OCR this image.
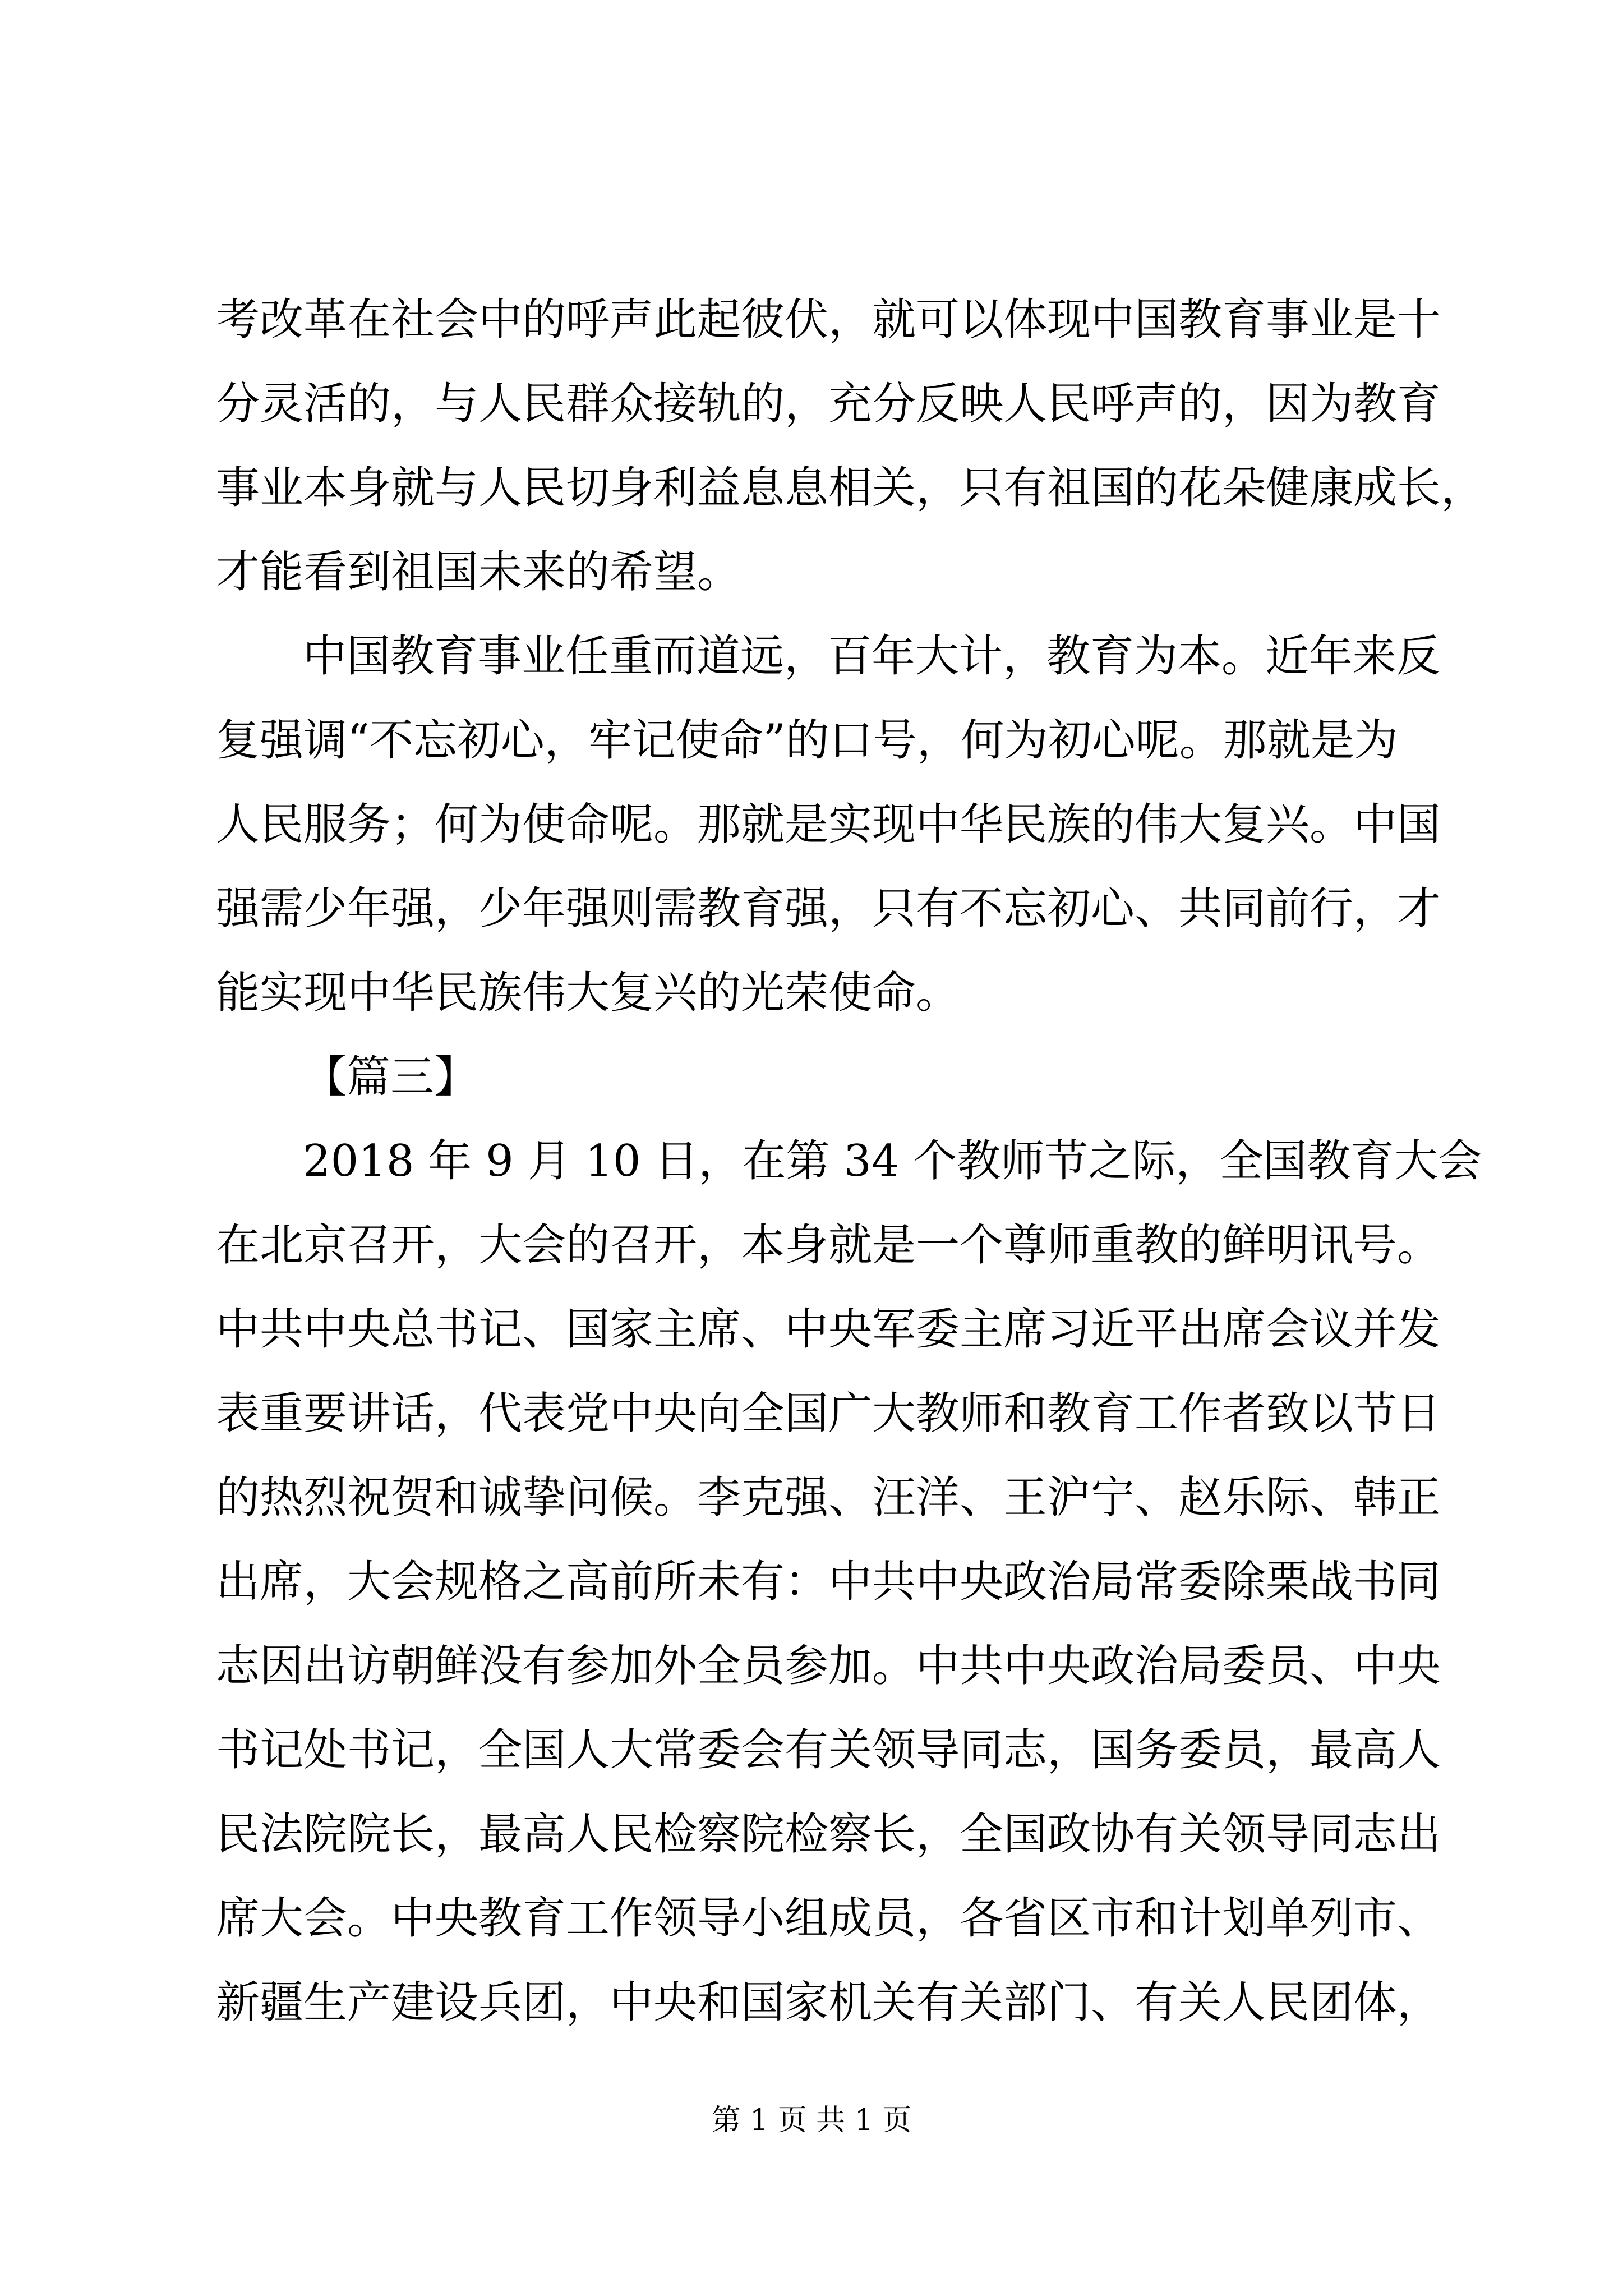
考改革在社会中的呼声此起彼伏，就可以体现中国教育事业是十
分灵活的，与人民群众接轨的，充分反映人民呼声的，因为教育
事业本身就与人民切身利益息息相关，只有祖国的花朵健康成长，
才能看到祖国未来的希望。
中国教育事业任重而道远，百年大计，教育为本。近年来反
复强调“不忘初心，牢记使命”的口号，何为初心呢。那就是为
人民服务；何为使命呢。那就是实现中华民族的伟大复兴。中国
强需少年强，少年强则需教育强，只有不忘初心、共同前行，才
能实现中华民族伟大复兴的光荣使命。
【篇三】
2018 年 9 月 10 日，在第 34 个教师节之际，全国教育大会
在北京召开，大会的召开，本身就是一个尊师重教的鲜明讯号。
中共中央总书记、国家主席、中央军委主席习近平出席会议并发
表重要讲话，代表党中央向全国广大教师和教育工作者致以节日
的热烈祝贺和诚挚问候。李克强、汪洋、王沪宁、赵乐际、韩正
出席，大会规格之高前所未有：中共中央政治局常委除栗战书同
志因出访朝鲜没有参加外全员参加。中共中央政治局委员、中央
书记处书记，全国人大常委会有关领导同志，国务委员，最高人
民法院院长，最高人民检察院检察长，全国政协有关领导同志出
席大会。中央教育工作领导小组成员，各省区市和计划单列市、
新疆生产建设兵团，中央和国家机关有关部门、有关人民团体，
第 1 页 共 1 页
